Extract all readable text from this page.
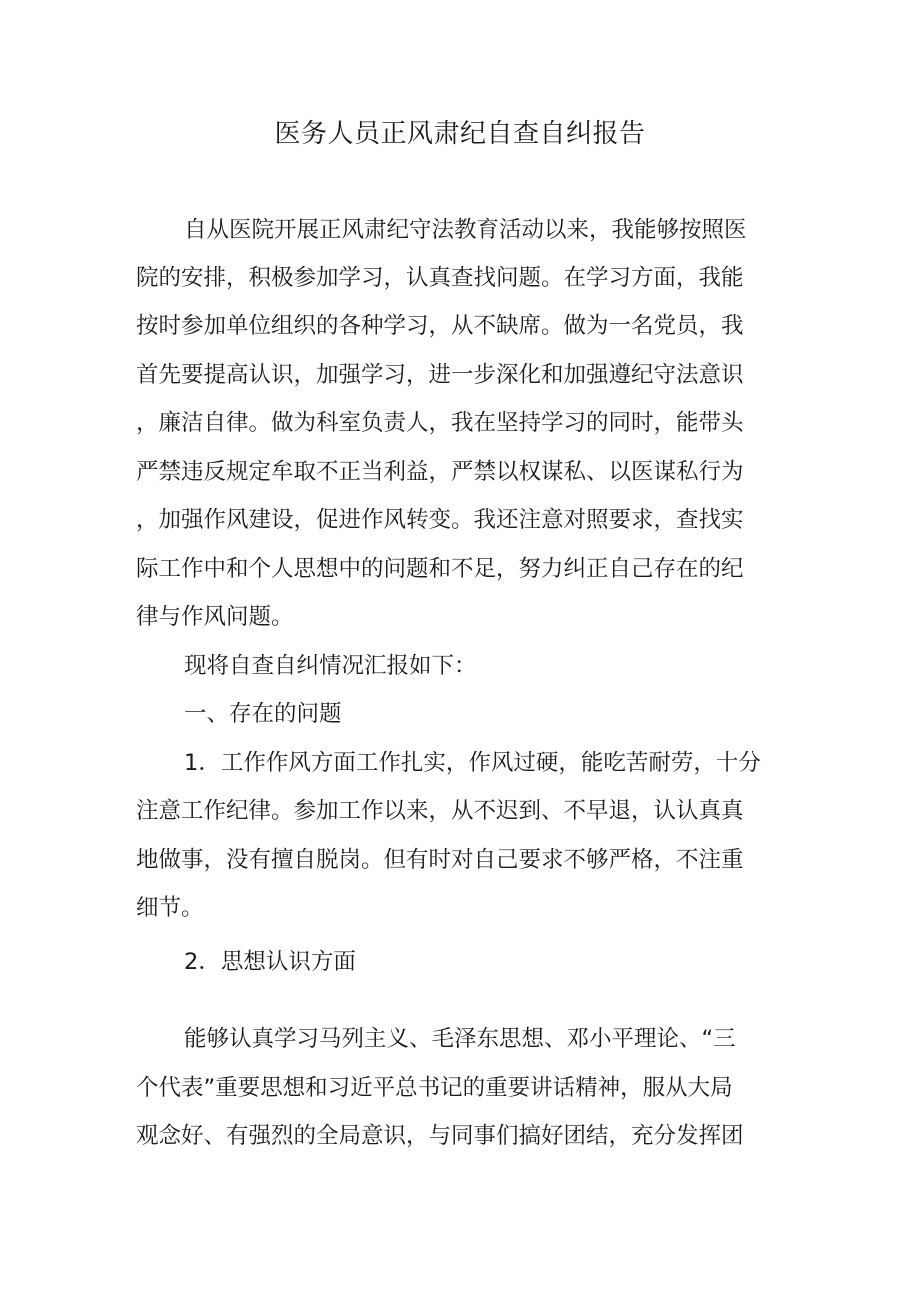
医务人员正风肃纪自查自纠报告
自从医院开展正风肃纪守法教育活动以来，我能够按照医
院的安排，积极参加学习，认真查找问题。在学习方面，我能
按时参加单位组织的各种学习，从不缺席。做为一名党员，我
首先要提高认识，加强学习，进一步深化和加强遵纪守法意识
，廉洁自律。做为科室负责人，我在坚持学习的同时，能带头
严禁违反规定牟取不正当利益，严禁以权谋私、以医谋私行为
，加强作风建设，促进作风转变。我还注意对照要求，查找实
际工作中和个人思想中的问题和不足，努力纠正自己存在的纪
律与作风问题。
现将自查自纠情况汇报如下：
一、存在的问题
1．工作作风方面工作扎实，作风过硬，能吃苦耐劳，十分
注意工作纪律。参加工作以来，从不迟到、不早退，认认真真
地做事，没有擅自脱岗。但有时对自己要求不够严格，不注重
细节。
2．思想认识方面
能够认真学习马列主义、毛泽东思想、邓小平理论、“三
个代表”重要思想和习近平总书记的重要讲话精神，服从大局
观念好、有强烈的全局意识，与同事们搞好团结，充分发挥团
